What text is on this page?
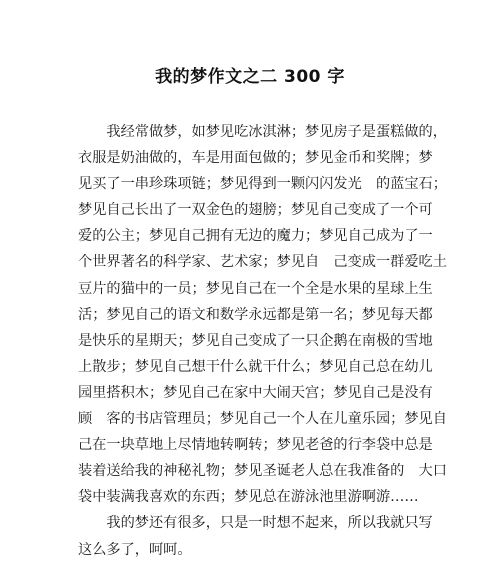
我的梦作文之二 300 字
　　我经常做梦，如梦见吃冰淇淋；梦见房子是蛋糕做的，
衣服是奶油做的，车是用面包做的；梦见金币和奖牌；梦
见买了一串珍珠项链；梦见得到一颗闪闪发光　的蓝宝石；
梦见自己长出了一双金色的翅膀；梦见自己变成了一个可
爱的公主；梦见自己拥有无边的魔力；梦见自己成为了一
个世界著名的科学家、艺术家；梦见自　己变成一群爱吃土
豆片的猫中的一员；梦见自己在一个全是水果的星球上生
活；梦见自己的语文和数学永远都是第一名；梦见每天都
是快乐的星期天；梦见自己变成了一只企鹅在南极的雪地
上散步；梦见自己想干什么就干什么；梦见自己总在幼儿
园里搭积木；梦见自己在家中大闹天宫；梦见自己是没有
顾　客的书店管理员；梦见自己一个人在儿童乐园；梦见自
己在一块草地上尽情地转啊转；梦见老爸的行李袋中总是
装着送给我的神秘礼物；梦见圣诞老人总在我准备的　大口
袋中装满我喜欢的东西；梦见总在游泳池里游啊游……
　　我的梦还有很多，只是一时想不起来，所以我就只写
这么多了，呵呵。
